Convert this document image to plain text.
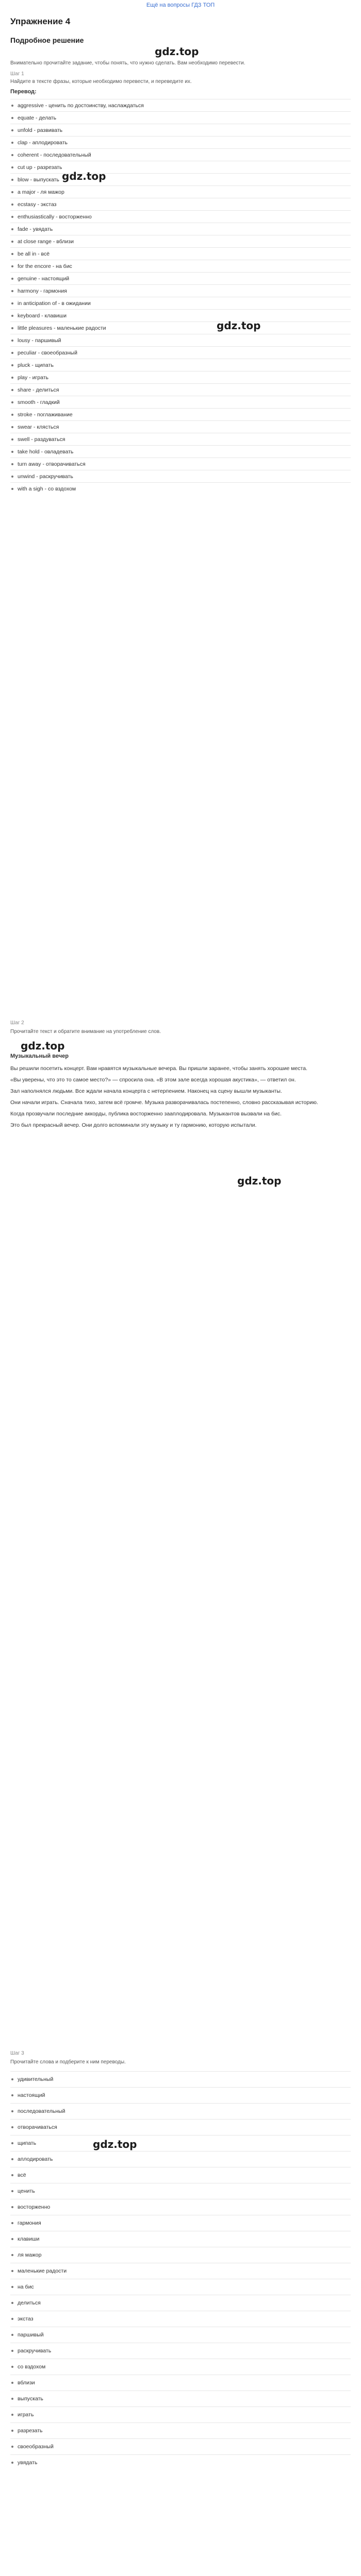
Ещё на вопросы ГДЗ ТОП
Упражнение 4
Подробное решение
gdz.top
Внимательно прочитайте задание, чтобы понять, что нужно сделать. Вам необходимо перевести.
Шаг 1
Найдите в тексте фразы, которые необходимо перевести, и переведите их.
Перевод:
aggressive - ценить по достоинству, наслаждаться
equate - делать
unfold - развивать
clap - аплодировать
coherent - последовательный
cut up - разрезать
blow - выпускать
a major - ля мажор
ecstasy - экстаз
enthusiastically - восторженно
fade - увядать
at close range - вблизи
be all in - всё
for the encore - на бис
genuine - настоящий
harmony - гармония
in anticipation of - в ожидании
keyboard - клавиши
little pleasures - маленькие радости
lousy - паршивый
peculiar - своеобразный
pluck - щипать
play - играть
share - делиться
smooth - гладкий
stroke - поглаживание
swear - клясться
swell - раздуваться
take hold - овладевать
turn away - отворачиваться
unwind - раскручивать
with a sigh - со вздохом
gdz.top
gdz.top
Шаг 2
Прочитайте текст и обратите внимание на употребление слов.
gdz.top
Музыкальный вечер

Вы решили посетить концерт. Вам нравятся музыкальные вечера. Вы пришли заранее, чтобы занять хорошие места.

«Вы уверены, что это то самое место?» — спросила она. «В этом зале всегда хорошая акустика», — ответил он.

Зал наполнялся людьми. Все ждали начала концерта с нетерпением. Наконец на сцену вышли музыканты.

Они начали играть. Сначала тихо, затем всё громче. Музыка разворачивалась постепенно, словно рассказывая историю.

Когда прозвучали последние аккорды, публика восторженно зааплодировала. Музыкантов вызвали на бис.

Это был прекрасный вечер. Они долго вспоминали эту музыку и ту гармонию, которую испытали.

gdz.top
Шаг 3
Прочитайте слова и подберите к ним переводы.
удивительный
настоящий
последовательный
отворачиваться
щипать
аплодировать
всё
ценить
восторженно
гармония
клавиши
ля мажор
маленькие радости
на бис
делиться
экстаз
паршивый
раскручивать
со вздохом
вблизи
выпускать
играть
разрезать
своеобразный
увядать
gdz.top
